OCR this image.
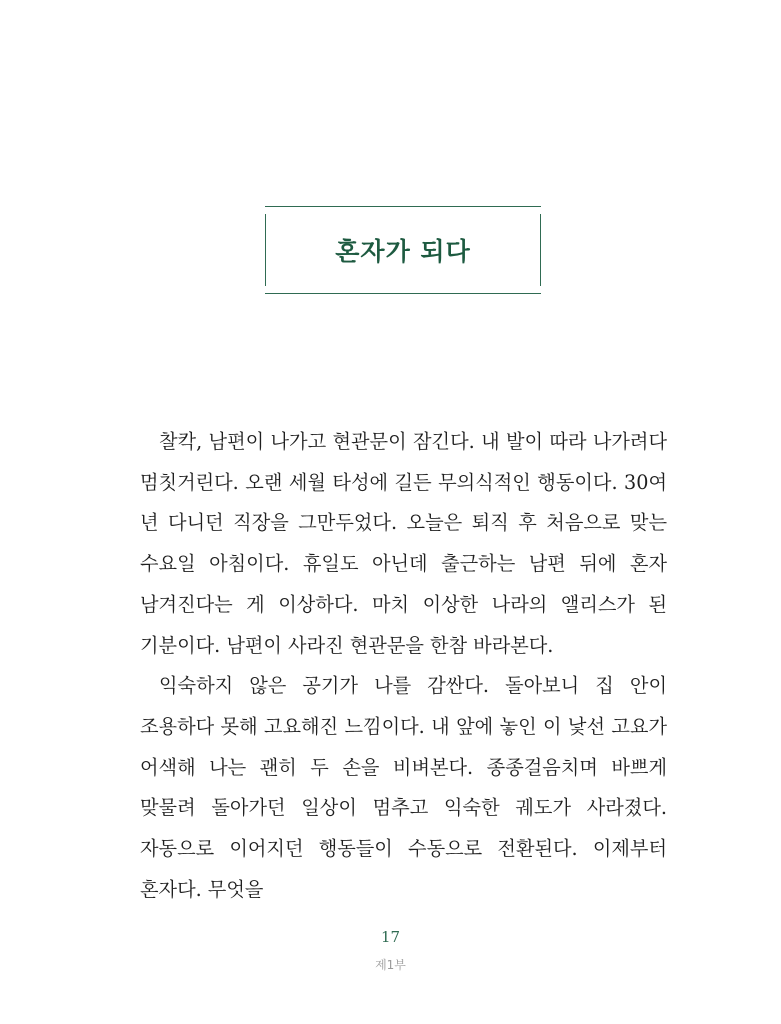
혼자가 되다

찰칵, 남편이 나가고 현관문이 잠긴다. 내 발이 따라 나가려다 멈칫거린다. 오랜 세월 타성에 길든 무의식적인 행동이다. 30여 년 다니던 직장을 그만두었다. 오늘은 퇴직 후 처음으로 맞는 수요일 아침이다. 휴일도 아닌데 출근하는 남편 뒤에 혼자 남겨진다는 게 이상하다. 마치 이상한 나라의 앨리스가 된 기분이다. 남편이 사라진 현관문을 한참 바라본다.

익숙하지 않은 공기가 나를 감싼다. 돌아보니 집 안이 조용하다 못해 고요해진 느낌이다. 내 앞에 놓인 이 낯선 고요가 어색해 나는 괜히 두 손을 비벼본다. 종종걸음치며 바쁘게 맞물려 돌아가던 일상이 멈추고 익숙한 궤도가 사라졌다. 자동으로 이어지던 행동들이 수동으로 전환된다. 이제부터 혼자다. 무엇을

17
제1부
